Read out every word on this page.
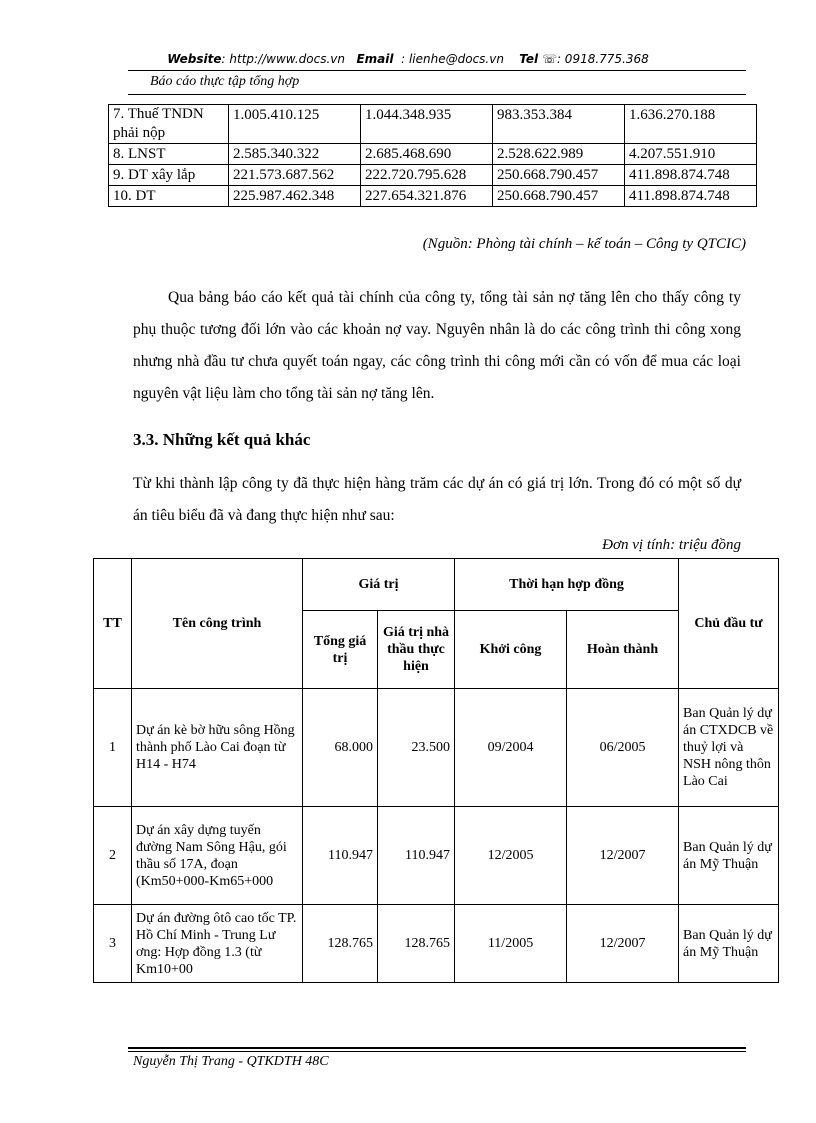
Website: http://www.docs.vn Email : lienhe@docs.vn Tel ☏: 0918.775.368
Báo cáo thực tập tổng hợp
7. Thuế TNDN phải nộp	1.005.410.125	1.044.348.935	983.353.384	1.636.270.188
8. LNST	2.585.340.322	2.685.468.690	2.528.622.989	4.207.551.910
9. DT xây lắp	221.573.687.562	222.720.795.628	250.668.790.457	411.898.874.748
10. DT	225.987.462.348	227.654.321.876	250.668.790.457	411.898.874.748
(Nguồn: Phòng tài chính – kế toán – Công ty QTCIC)
Qua bảng báo cáo kết quả tài chính của công ty, tổng tài sản nợ tăng lên cho thấy công ty phụ thuộc tương đối lớn vào các khoản nợ vay. Nguyên nhân là do các công trình thi công xong nhưng nhà đầu tư chưa quyết toán ngay, các công trình thi công mới cần có vốn để mua các loại nguyên vật liệu làm cho tổng tài sản nợ tăng lên.
3.3. Những kết quả khác
Từ khi thành lập công ty đã thực hiện hàng trăm các dự án có giá trị lớn. Trong đó có một số dự án tiêu biểu đã và đang thực hiện như sau:
Đơn vị tính: triệu đồng
TT	Tên công trình	Giá trị		Thời hạn hợp đồng		Chủ đầu tư
		Tổng giá trị	Giá trị nhà thầu thực hiện	Khởi công	Hoàn thành	
1	Dự án kè bờ hữu sông Hồng thành phố Lào Cai đoạn từ H14 - H74	68.000	23.500	09/2004	06/2005	Ban Quản lý dự án CTXDCB về thuỷ lợi và NSH nông thôn Lào Cai
2	Dự án xây dựng tuyến đường Nam Sông Hậu, gói thầu số 17A, đoạn (Km50+000-Km65+000	110.947	110.947	12/2005	12/2007	Ban Quản lý dự án Mỹ Thuận
3	Dự án đường ôtô cao tốc TP. Hồ Chí Minh - Trung Lư ơng: Hợp đồng 1.3 (từ Km10+00	128.765	128.765	11/2005	12/2007	Ban Quản lý dự án Mỹ Thuận
Nguyễn Thị Trang - QTKDTH 48C
